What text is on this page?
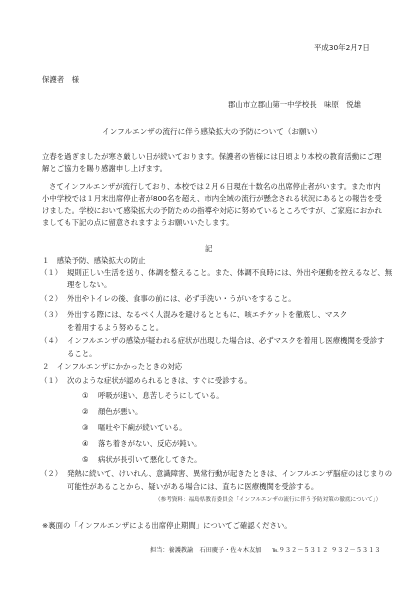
平成30年2月7日
保護者　様
郡山市立郡山第一中学校長　味原　悦雄
インフルエンザの流行に伴う感染拡大の予防について（お願い）
立春を過ぎましたが寒さ厳しい日が続いております。保護者の皆様には日頃より本校の教育活動にご理
解とご協力を賜り感謝申し上げます。
さてインフルエンザが流行しており、本校では２月６日現在十数名の出席停止者がいます。また市内
小中学校では１月末出席停止者が800名を超え、市内全域の流行が懸念される状況にあるとの報告を受
けました。学校において感染拡大の予防ための指導や対応に努めているところですが、ご家庭におかれ
ましても下記の点に留意されますようお願いいたします。
記
１　感染予防、感染拡大の防止
（１） 規則正しい生活を送り、体調を整えること。また、体調不良時には、外出や運動を控えるなど、無
理をしない。
（２） 外出やトイレの後、食事の前には、必ず手洗い・うがいをすること。
（３） 外出する際には、なるべく人混みを避けるとともに、咳エチケットを徹底し、マスク
を着用するよう努めること。
（４） インフルエンザの感染が疑われる症状が出現した場合は、必ずマスクを着用し医療機関を受診す
ること。
２　インフルエンザにかかったときの対応
（１） 次のような症状が認められるときは、すぐに受診する。
① 呼吸が速い、息苦しそうにしている。
② 顔色が悪い。
③ 嘔吐や下痢が続いている。
④ 落ち着きがない、反応が鈍い。
⑤ 病状が長引いて悪化してきた。
（２） 発熱に続いて、けいれん、意識障害、異常行動が起きたときは、インフルエンザ脳症のはじまりの
可能性があることから、疑いがある場合には、直ちに医療機関を受診する。
（参考資料：福島県教育委員会「インフルエンザの流行に伴う予防対策の徹底について」）
※裏面の「インフルエンザによる出席停止期間」についてご確認ください。
担当：養護教諭　石田慶子・佐々木友加 ℡９３２－５３１２ ９３２－５３１３
